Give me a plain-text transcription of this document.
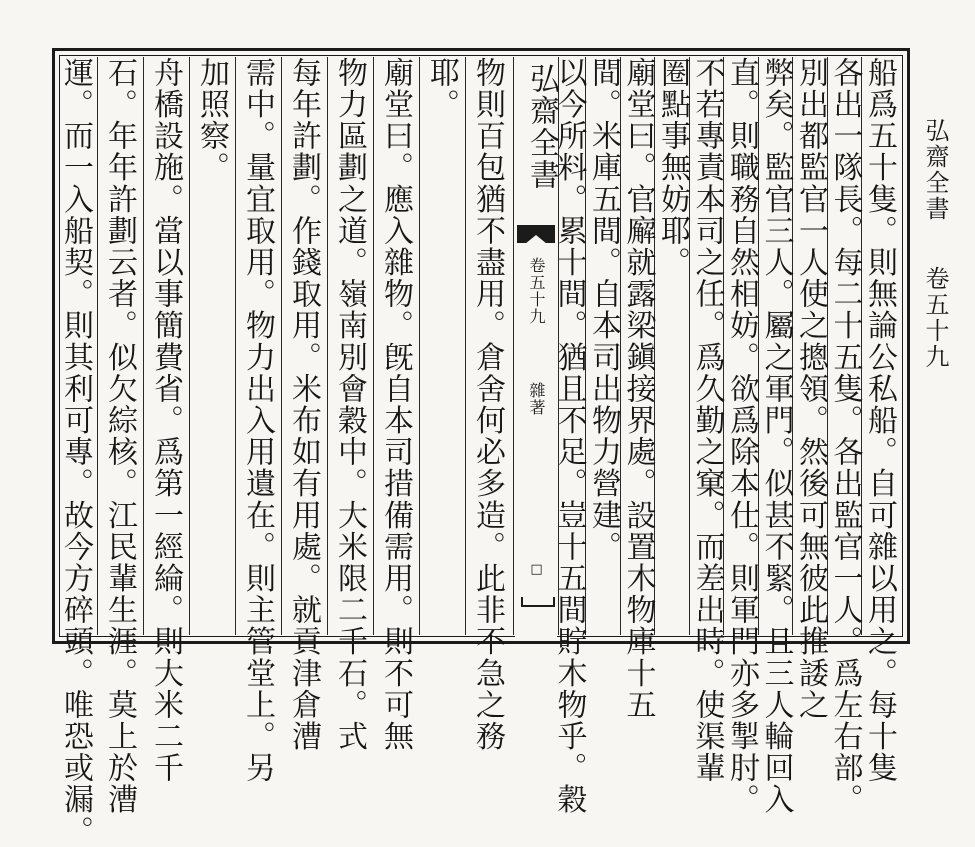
弘齋全書
卷五十九
弘齋全書
卷五十九
雜著
□
物則百包猶不盡用。倉舍何必多造。此非不急之務
耶。
廟堂曰。應入雜物。旣自本司措備需用。則不可無
物力區劃之道。嶺南別會穀中。大米限二千石。式
每年許劃。作錢取用。米布如有用處。就貢津倉漕
需中。量宜取用。物力出入用遺在。則主管堂上。另
加照察。
舟橋設施。當以事簡費省。爲第一經綸。則大米二千
石。年年許劃云者。似欠綜核。江民輩生涯。莫上於漕
運。而一入船契。則其利可專。故今方碎頭。唯恐或漏。	船爲五十隻。則無論公私船。自可雜以用之。每十隻
各出一隊長。每二十五隻。各出監官一人。爲左右部。
別出都監官一人使之摠領。然後可無彼此推諉之
弊矣。監官三人。屬之軍門。似甚不緊。且三人輪回入
直。則職務自然相妨。欲爲除本仕。則軍門亦多掣肘。
不若專責本司之任。爲久勤之窠。而差出時。使渠輩
圈點事無妨耶。
廟堂曰。官廨就露梁鎭接界處。設置木物庫十五
間。米庫五間。自本司出物力營建。
以今所料。累十間。猶且不足。豈十五間貯木物乎。穀
